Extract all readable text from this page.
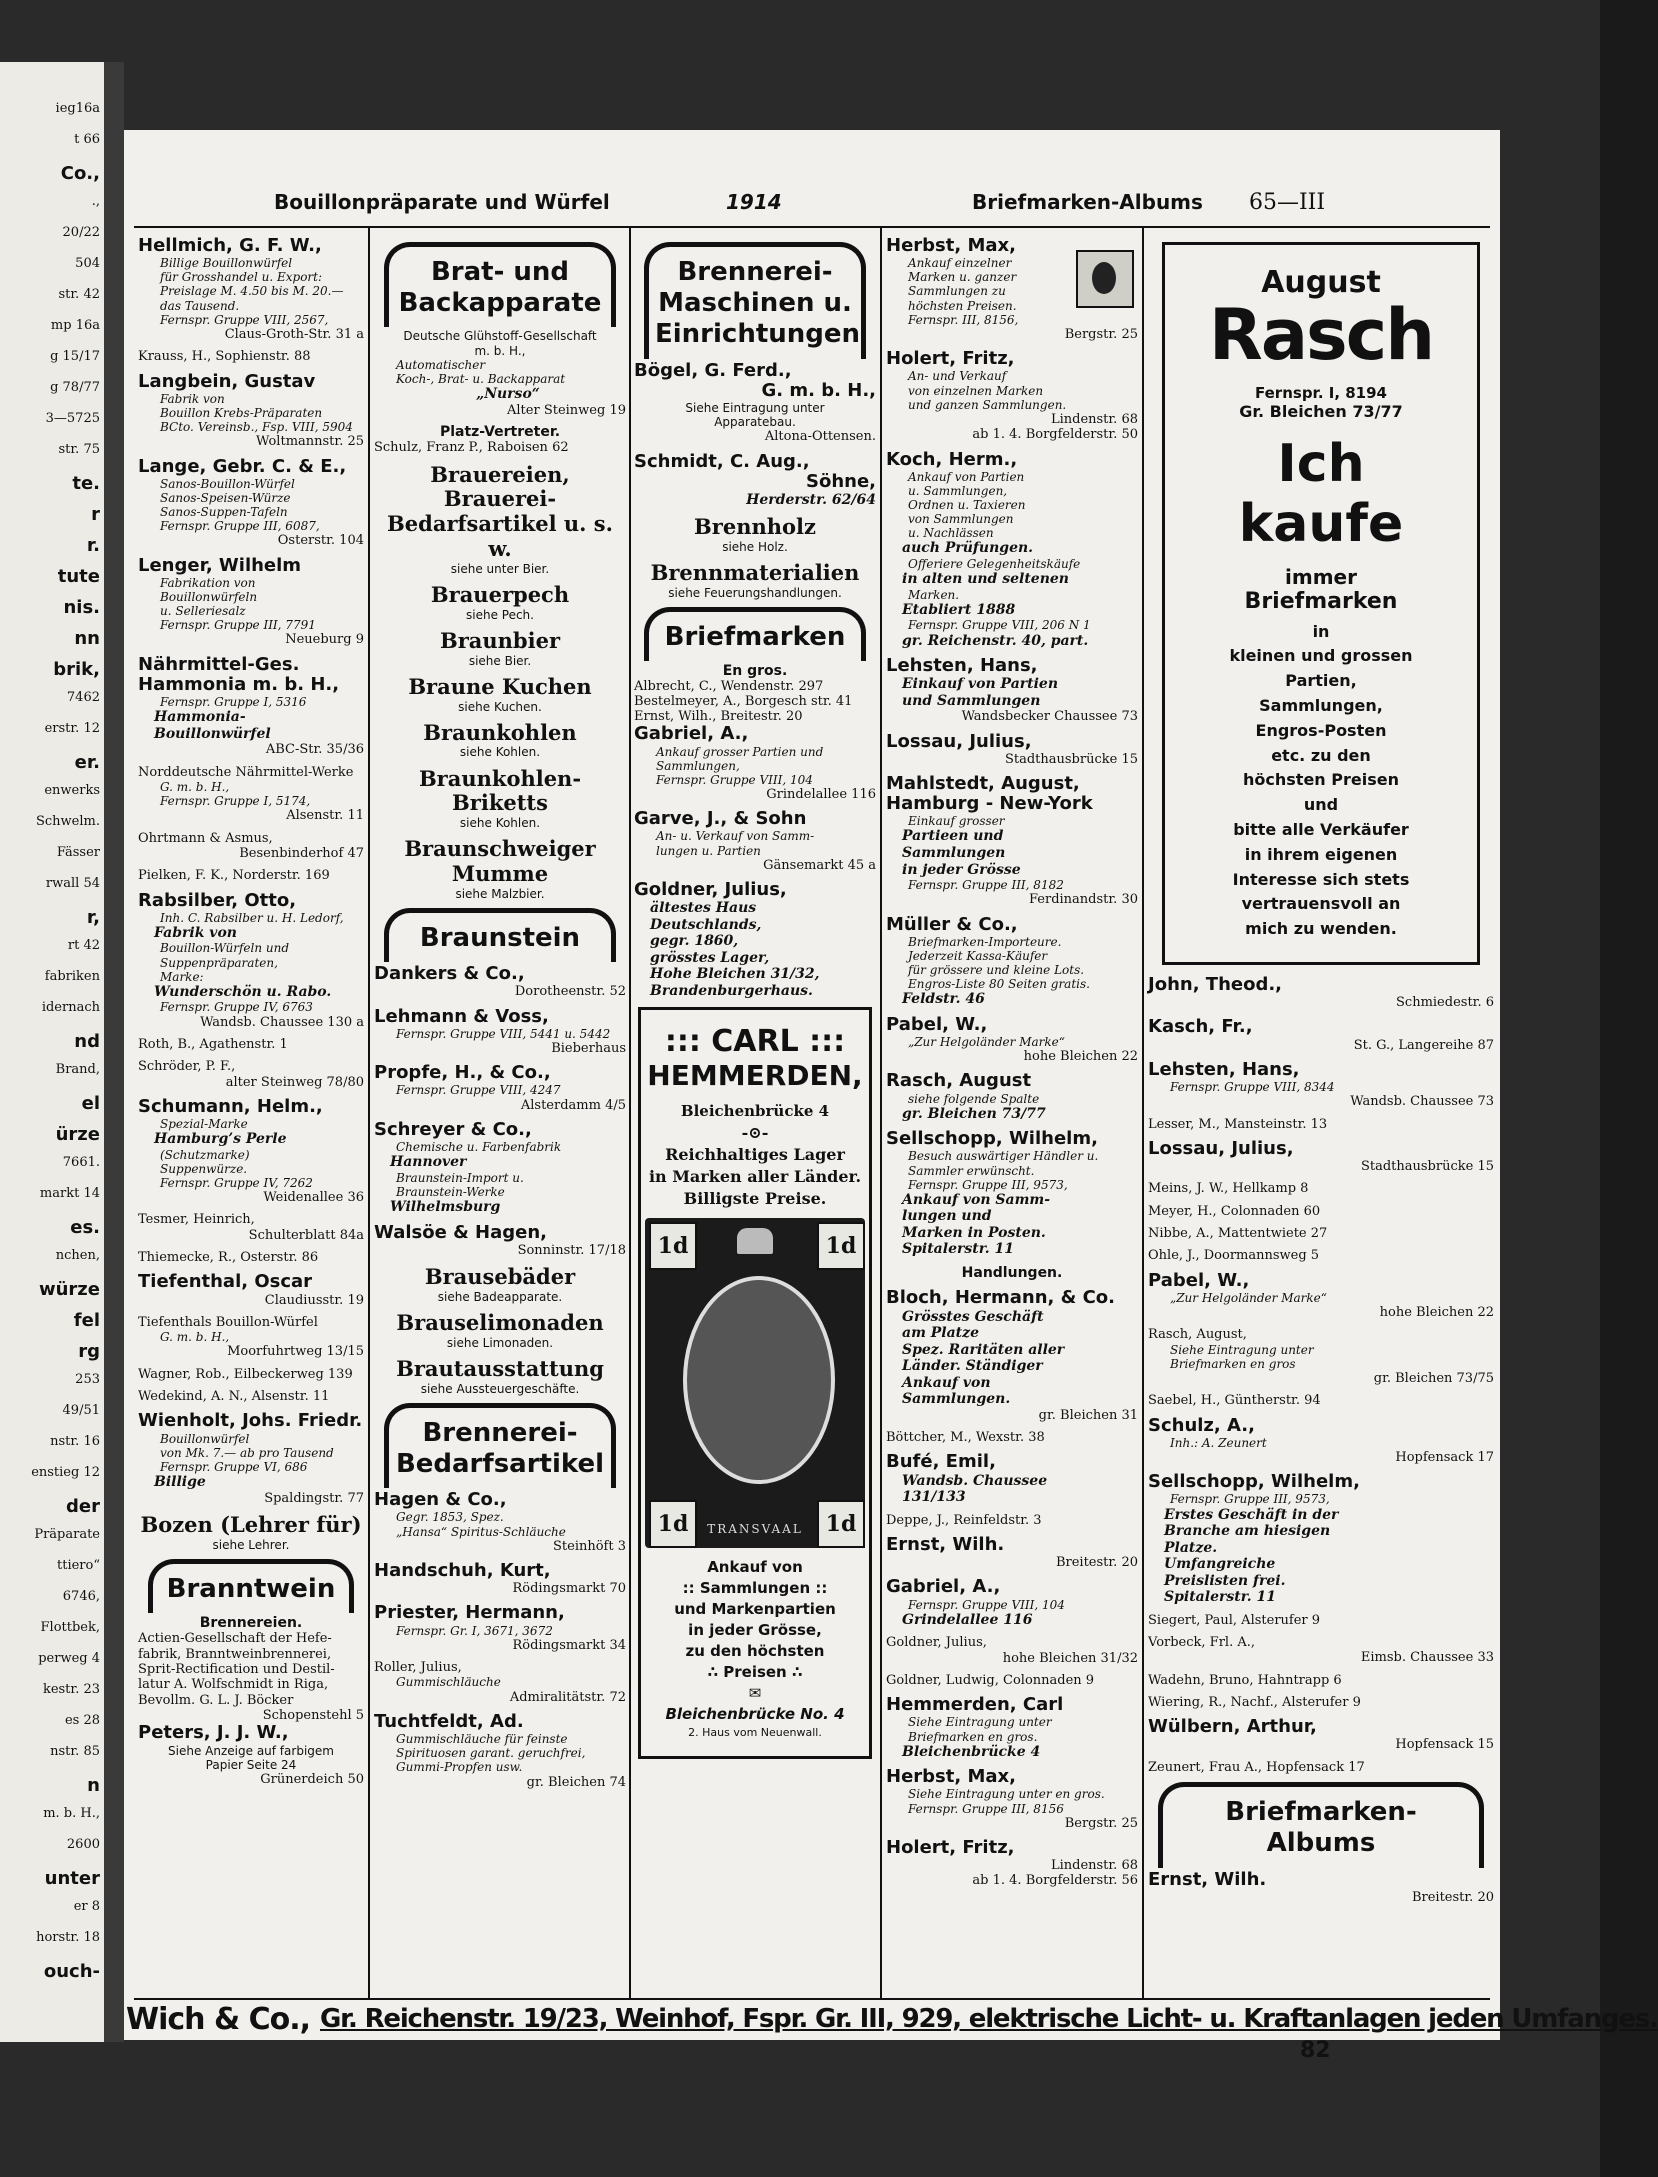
ieg16a
t 66
Co.,
.,
20/22
504
str. 42
mp 16a
g 15/17
g 78/77
3—5725
str. 75
te.
r
r.
tute
nis.
nn
brik,
7462
erstr. 12
er.
enwerks
Schwelm.
Fässer
rwall 54
r,
rt 42
fabriken
idernach
nd
Brand,
el
ürze
7661.
markt 14
es.
nchen,
würze
fel
rg
253
49/51
nstr. 16
enstieg 12
der
Präparate
ttiero“
6746,
Flottbek,
perweg 4
kestr. 23
es 28
nstr. 85
n
m. b. H.,
2600
unter
er 8
horstr. 18
ouch-
Bouillonpräparate und Würfel	1914	Briefmarken-Albums 65—III
Hellmich, G. F. W.,
Billige Bouillonwürfel
für Grosshandel u. Export:
Preislage M. 4.50 bis M. 20.—
das Tausend.
Fernspr. Gruppe VIII, 2567,
Claus-Groth-Str. 31 a
Krauss, H., Sophienstr. 88
Langbein, Gustav
Fabrik von
Bouillon Krebs-Präparaten
BCto. Vereinsb., Fsp. VIII, 5904
Woltmannstr. 25
Lange, Gebr. C. & E.,
Sanos-Bouillon-Würfel
Sanos-Speisen-Würze
Sanos-Suppen-Tafeln
Fernspr. Gruppe III, 6087,
Osterstr. 104
Lenger, Wilhelm
Fabrikation von
Bouillonwürfeln
u. Selleriesalz
Fernspr. Gruppe III, 7791
Neueburg 9
Nährmittel-Ges.
Hammonia m. b. H.,
Fernspr. Gruppe I, 5316
Hammonia-
Bouillonwürfel
ABC-Str. 35/36
Norddeutsche Nährmittel-Werke
G. m. b. H.,
Fernspr. Gruppe I, 5174,
Alsenstr. 11
Ohrtmann & Asmus,
Besenbinderhof 47
Pielken, F. K., Norderstr. 169
Rabsilber, Otto,
Inh. C. Rabsilber u. H. Ledorf,
Fabrik von
Bouillon-Würfeln und
Suppenpräparaten,
Marke:
Wunderschön u. Rabo.
Fernspr. Gruppe IV, 6763
Wandsb. Chaussee 130 a
Roth, B., Agathenstr. 1
Schröder, P. F.,
alter Steinweg 78/80
Schumann, Helm.,
Spezial-Marke
Hamburg’s Perle
(Schutzmarke)
Suppenwürze.
Fernspr. Gruppe IV, 7262
Weidenallee 36
Tesmer, Heinrich,
Schulterblatt 84a
Thiemecke, R., Osterstr. 86
Tiefenthal, Oscar
Claudiusstr. 19
Tiefenthals Bouillon-Würfel
G. m. b. H.,
Moorfuhrtweg 13/15
Wagner, Rob., Eilbeckerweg 139
Wedekind, A. N., Alsenstr. 11
Wienholt, Johs. Friedr.
Bouillonwürfel
von Mk. 7.— ab pro Tausend
Fernspr. Gruppe VI, 686
Billige
Spaldingstr. 77
Bozen (Lehrer für)
siehe Lehrer.
Branntwein
Brennereien.
Actien-Gesellschaft der Hefe-
fabrik, Branntweinbrennerei,
Sprit-Rectification und Destil-
latur A. Wolfschmidt in Riga,
Bevollm. G. L. J. Böcker
Schopenstehl 5
Peters, J. J. W.,
Siehe Anzeige auf farbigem
Papier Seite 24
Grünerdeich 50
Brat- und
Backapparate
Deutsche Glühstoff-Gesellschaft
m. b. H.,
Automatischer
Koch-, Brat- u. Backapparat
„Nurso“
Alter Steinweg 19
Platz-Vertreter.
Schulz, Franz P., Raboisen 62
Brauereien, Brauerei-
Bedarfsartikel u. s. w.
siehe unter Bier.
Brauerpech
siehe Pech.
Braunbier
siehe Bier.
Braune Kuchen
siehe Kuchen.
Braunkohlen
siehe Kohlen.
Braunkohlen-Briketts
siehe Kohlen.
Braunschweiger
Mumme
siehe Malzbier.
Braunstein
Dankers & Co.,
Dorotheenstr. 52
Lehmann & Voss,
Fernspr. Gruppe VIII, 5441 u. 5442
Bieberhaus
Propfe, H., & Co.,
Fernspr. Gruppe VIII, 4247
Alsterdamm 4/5
Schreyer & Co.,
Chemische u. Farbenfabrik
Hannover
Braunstein-Import u.
Braunstein-Werke
Wilhelmsburg
Walsöe & Hagen,
Sonninstr. 17/18
Brausebäder
siehe Badeapparate.
Brauselimonaden
siehe Limonaden.
Brautausstattung
siehe Aussteuergeschäfte.
Brennerei-
Bedarfsartikel
Hagen & Co.,
Gegr. 1853, Spez.
„Hansa“ Spiritus-Schläuche
Steinhöft 3
Handschuh, Kurt,
Rödingsmarkt 70
Priester, Hermann,
Fernspr. Gr. I, 3671, 3672
Rödingsmarkt 34
Roller, Julius,
Gummischläuche
Admiralitätstr. 72
Tuchtfeldt, Ad.
Gummischläuche für feinste
Spirituosen garant. geruchfrei,
Gummi-Propfen usw.
gr. Bleichen 74
Brennerei-
Maschinen u.
Einrichtungen
Bögel, G. Ferd.,
G. m. b. H.,
Siehe Eintragung unter
Apparatebau.
Altona-Ottensen.
Schmidt, C. Aug.,
Söhne,
Herderstr. 62/64
Brennholz
siehe Holz.
Brennmaterialien
siehe Feuerungshandlungen.
Briefmarken
En gros.
Albrecht, C., Wendenstr. 297
Bestelmeyer, A., Borgesch str. 41
Ernst, Wilh., Breitestr. 20
Gabriel, A.,
Ankauf grosser Partien und
Sammlungen,
Fernspr. Gruppe VIII, 104
Grindelallee 116
Garve, J., & Sohn
An- u. Verkauf von Samm-
lungen u. Partien
Gänsemarkt 45 a
Goldner, Julius,
ältestes Haus
Deutschlands,
gegr. 1860,
grösstes Lager,
Hohe Bleichen 31/32,
Brandenburgerhaus.
::: CARL :::
HEMMERDEN,
Bleichenbrücke 4
-⊙-
Reichhaltiges Lager
in Marken aller Länder.
Billigste Preise.
1d	1d
1d	1d
TRANSVAAL
Ankauf von
:: Sammlungen ::
und Markenpartien
in jeder Grösse,
zu den höchsten
∴ Preisen ∴
✉
Bleichenbrücke No. 4
2. Haus vom Neuenwall.
Herbst, Max,
Ankauf einzelner
Marken u. ganzer
Sammlungen zu
höchsten Preisen.
Fernspr. III, 8156,
Bergstr. 25
Holert, Fritz,
An- und Verkauf
von einzelnen Marken
und ganzen Sammlungen.
Lindenstr. 68
ab 1. 4. Borgfelderstr. 50
Koch, Herm.,
Ankauf von Partien
u. Sammlungen,
Ordnen u. Taxieren
von Sammlungen
u. Nachlässen
auch Prüfungen.
Offeriere Gelegenheitskäufe
in alten und seltenen
Marken.
Etabliert 1888
Fernspr. Gruppe VIII, 206 N 1
gr. Reichenstr. 40, part.
Lehsten, Hans,
Einkauf von Partien
und Sammlungen
Wandsbecker Chaussee 73
Lossau, Julius,
Stadthausbrücke 15
Mahlstedt, August,
Hamburg - New-York
Einkauf grosser
Partieen und
Sammlungen
in jeder Grösse
Fernspr. Gruppe III, 8182
Ferdinandstr. 30
Müller & Co.,
Briefmarken-Importeure.
Jederzeit Kassa-Käufer
für grössere und kleine Lots.
Engros-Liste 80 Seiten gratis.
Feldstr. 46
Pabel, W.,
„Zur Helgoländer Marke“
hohe Bleichen 22
Rasch, August
siehe folgende Spalte
gr. Bleichen 73/77
Sellschopp, Wilhelm,
Besuch auswärtiger Händler u.
Sammler erwünscht.
Fernspr. Gruppe III, 9573,
Ankauf von Samm-
lungen und
Marken in Posten.
Spitalerstr. 11
Handlungen.
Bloch, Hermann, & Co.
Grösstes Geschäft
am Platze
Spez. Raritäten aller
Länder. Ständiger
Ankauf von
Sammlungen.
gr. Bleichen 31
Böttcher, M., Wexstr. 38
Bufé, Emil,
Wandsb. Chaussee
131/133
Deppe, J., Reinfeldstr. 3
Ernst, Wilh.
Breitestr. 20
Gabriel, A.,
Fernspr. Gruppe VIII, 104
Grindelallee 116
Goldner, Julius,
hohe Bleichen 31/32
Goldner, Ludwig, Colonnaden 9
Hemmerden, Carl
Siehe Eintragung unter
Briefmarken en gros.
Bleichenbrücke 4
Herbst, Max,
Siehe Eintragung unter en gros.
Fernspr. Gruppe III, 8156
Bergstr. 25
Holert, Fritz,
Lindenstr. 68
ab 1. 4. Borgfelderstr. 56
August
Rasch
Fernspr. I, 8194
Gr. Bleichen 73/77
Ich
kaufe
immer
Briefmarken
in
kleinen und grossen
Partien,
Sammlungen,
Engros-Posten
etc. zu den
höchsten Preisen
und
bitte alle Verkäufer
in ihrem eigenen
Interesse sich stets
vertrauensvoll an
mich zu wenden.
John, Theod.,
Schmiedestr. 6
Kasch, Fr.,
St. G., Langereihe 87
Lehsten, Hans,
Fernspr. Gruppe VIII, 8344
Wandsb. Chaussee 73
Lesser, M., Mansteinstr. 13
Lossau, Julius,
Stadthausbrücke 15
Meins, J. W., Hellkamp 8
Meyer, H., Colonnaden 60
Nibbe, A., Mattentwiete 27
Ohle, J., Doormannsweg 5
Pabel, W.,
„Zur Helgoländer Marke“
hohe Bleichen 22
Rasch, August,
Siehe Eintragung unter
Briefmarken en gros
gr. Bleichen 73/75
Saebel, H., Güntherstr. 94
Schulz, A.,
Inh.: A. Zeunert
Hopfensack 17
Sellschopp, Wilhelm,
Fernspr. Gruppe III, 9573,
Erstes Geschäft in der
Branche am hiesigen
Platze.
Umfangreiche
Preislisten frei.
Spitalerstr. 11
Siegert, Paul, Alsterufer 9
Vorbeck, Frl. A.,
Eimsb. Chaussee 33
Wadehn, Bruno, Hahntrapp 6
Wiering, R., Nachf., Alsterufer 9
Wülbern, Arthur,
Hopfensack 15
Zeunert, Frau A., Hopfensack 17
Briefmarken-
Albums
Ernst, Wilh.
Breitestr. 20
Wich & Co., Gr. Reichenstr. 19/23, Weinhof, Fspr. Gr. III, 929, elektrische Licht- u. Kraftanlagen jeden Umfanges.
82
